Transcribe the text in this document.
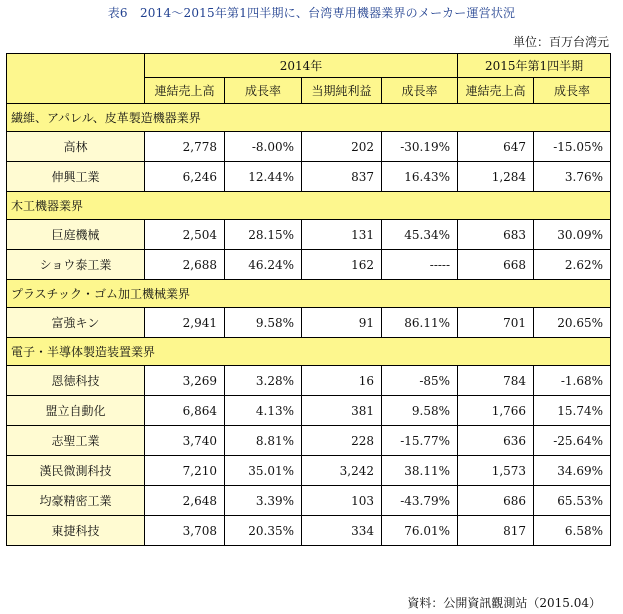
表6　2014～2015年第1四半期に、台湾専用機器業界のメーカー運営状況
単位：百万台湾元
	2014年				2015年第1四半期	
	連結売上高	成長率	当期純利益	成長率	連結売上高	成長率
繊維、アパレル、皮革製造機器業界						
高林	2,778	-8.00%	202	-30.19%	647	-15.05%
伸興工業	6,246	12.44%	837	16.43%	1,284	3.76%
木工機器業界						
巨庭機械	2,504	28.15%	131	45.34%	683	30.09%
ショウ泰工業	2,688	46.24%	162	-----	668	2.62%
プラスチック・ゴム加工機械業界						
富強キン	2,941	9.58%	91	86.11%	701	20.65%
電子・半導体製造装置業界						
恩徳科技	3,269	3.28%	16	-85%	784	-1.68%
盟立自動化	6,864	4.13%	381	9.58%	1,766	15.74%
志聖工業	3,740	8.81%	228	-15.77%	636	-25.64%
漢民微測科技	7,210	35.01%	3,242	38.11%	1,573	34.69%
均豪精密工業	2,648	3.39%	103	-43.79%	686	65.53%
東捷科技	3,708	20.35%	334	76.01%	817	6.58%
資料：公開資訊觀測站（2015.04）
